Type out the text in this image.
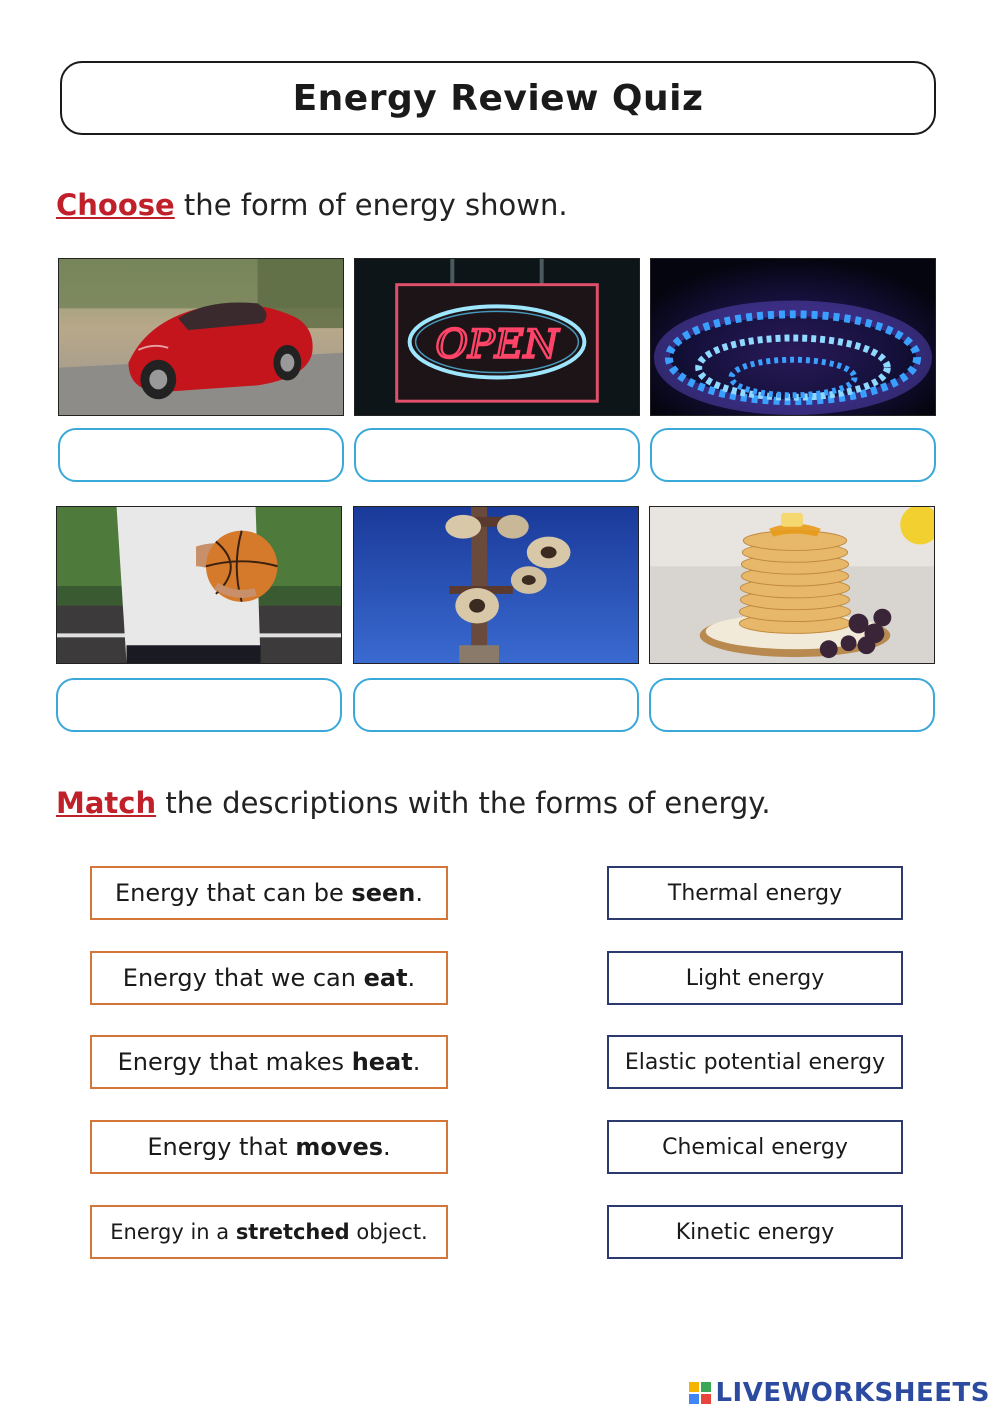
Energy Review Quiz
Choose the form of energy shown.
OPEN
Match the descriptions with the forms of energy.
Energy that can be seen .
Energy that we can eat .
Energy that makes heat .
Energy that moves .
Energy in a stretched object.
Thermal energy
Light energy
Elastic potential energy
Chemical energy
Kinetic energy
LIVEWORKSHEETS
